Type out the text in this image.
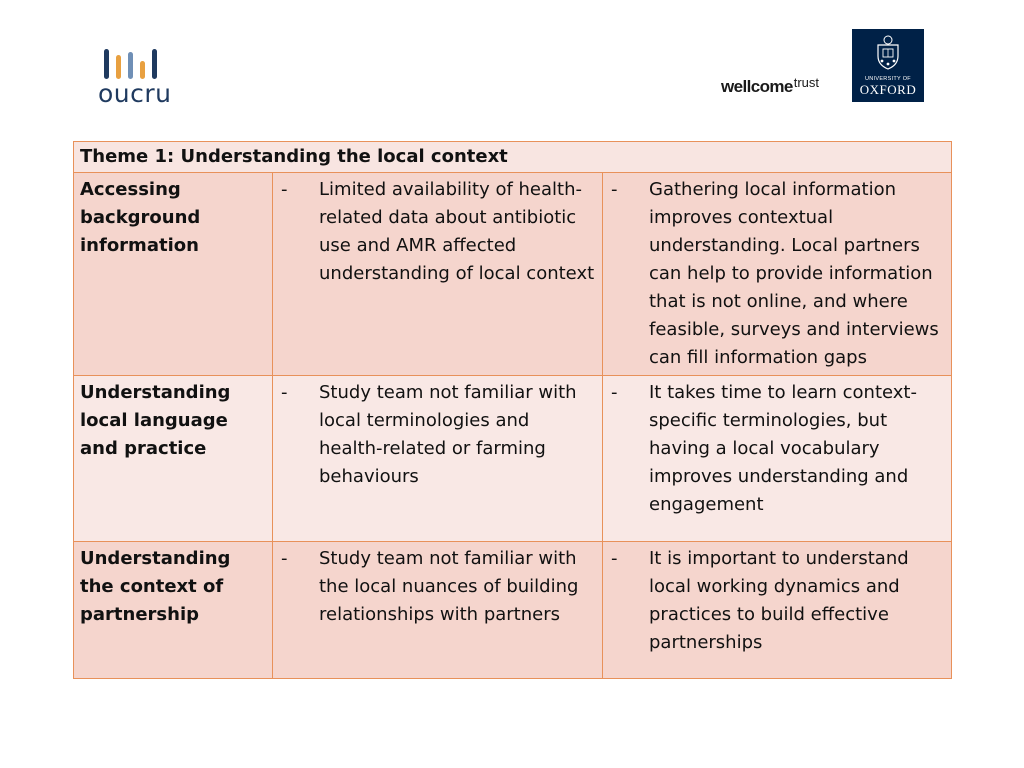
oucru	wellcome$^{trust}$	UNIVERSITY OF
OXFORD
Theme 1: Understanding the local context		
Accessing background information	- Limited availability of health-related data about antibiotic use and AMR affected understanding of local context	- Gathering local information improves contextual understanding. Local partners can help to provide information that is not online, and where feasible, surveys and interviews can fill information gaps

Understanding local language and practice	- Study team not familiar with local terminologies and health-related or farming behaviours	- It takes time to learn context-specific terminologies, but having a local vocabulary improves understanding and engagement

Understanding the context of partnership	- Study team not familiar with the local nuances of building relationships with partners	- It is important to understand local working dynamics and practices to build effective partnerships
